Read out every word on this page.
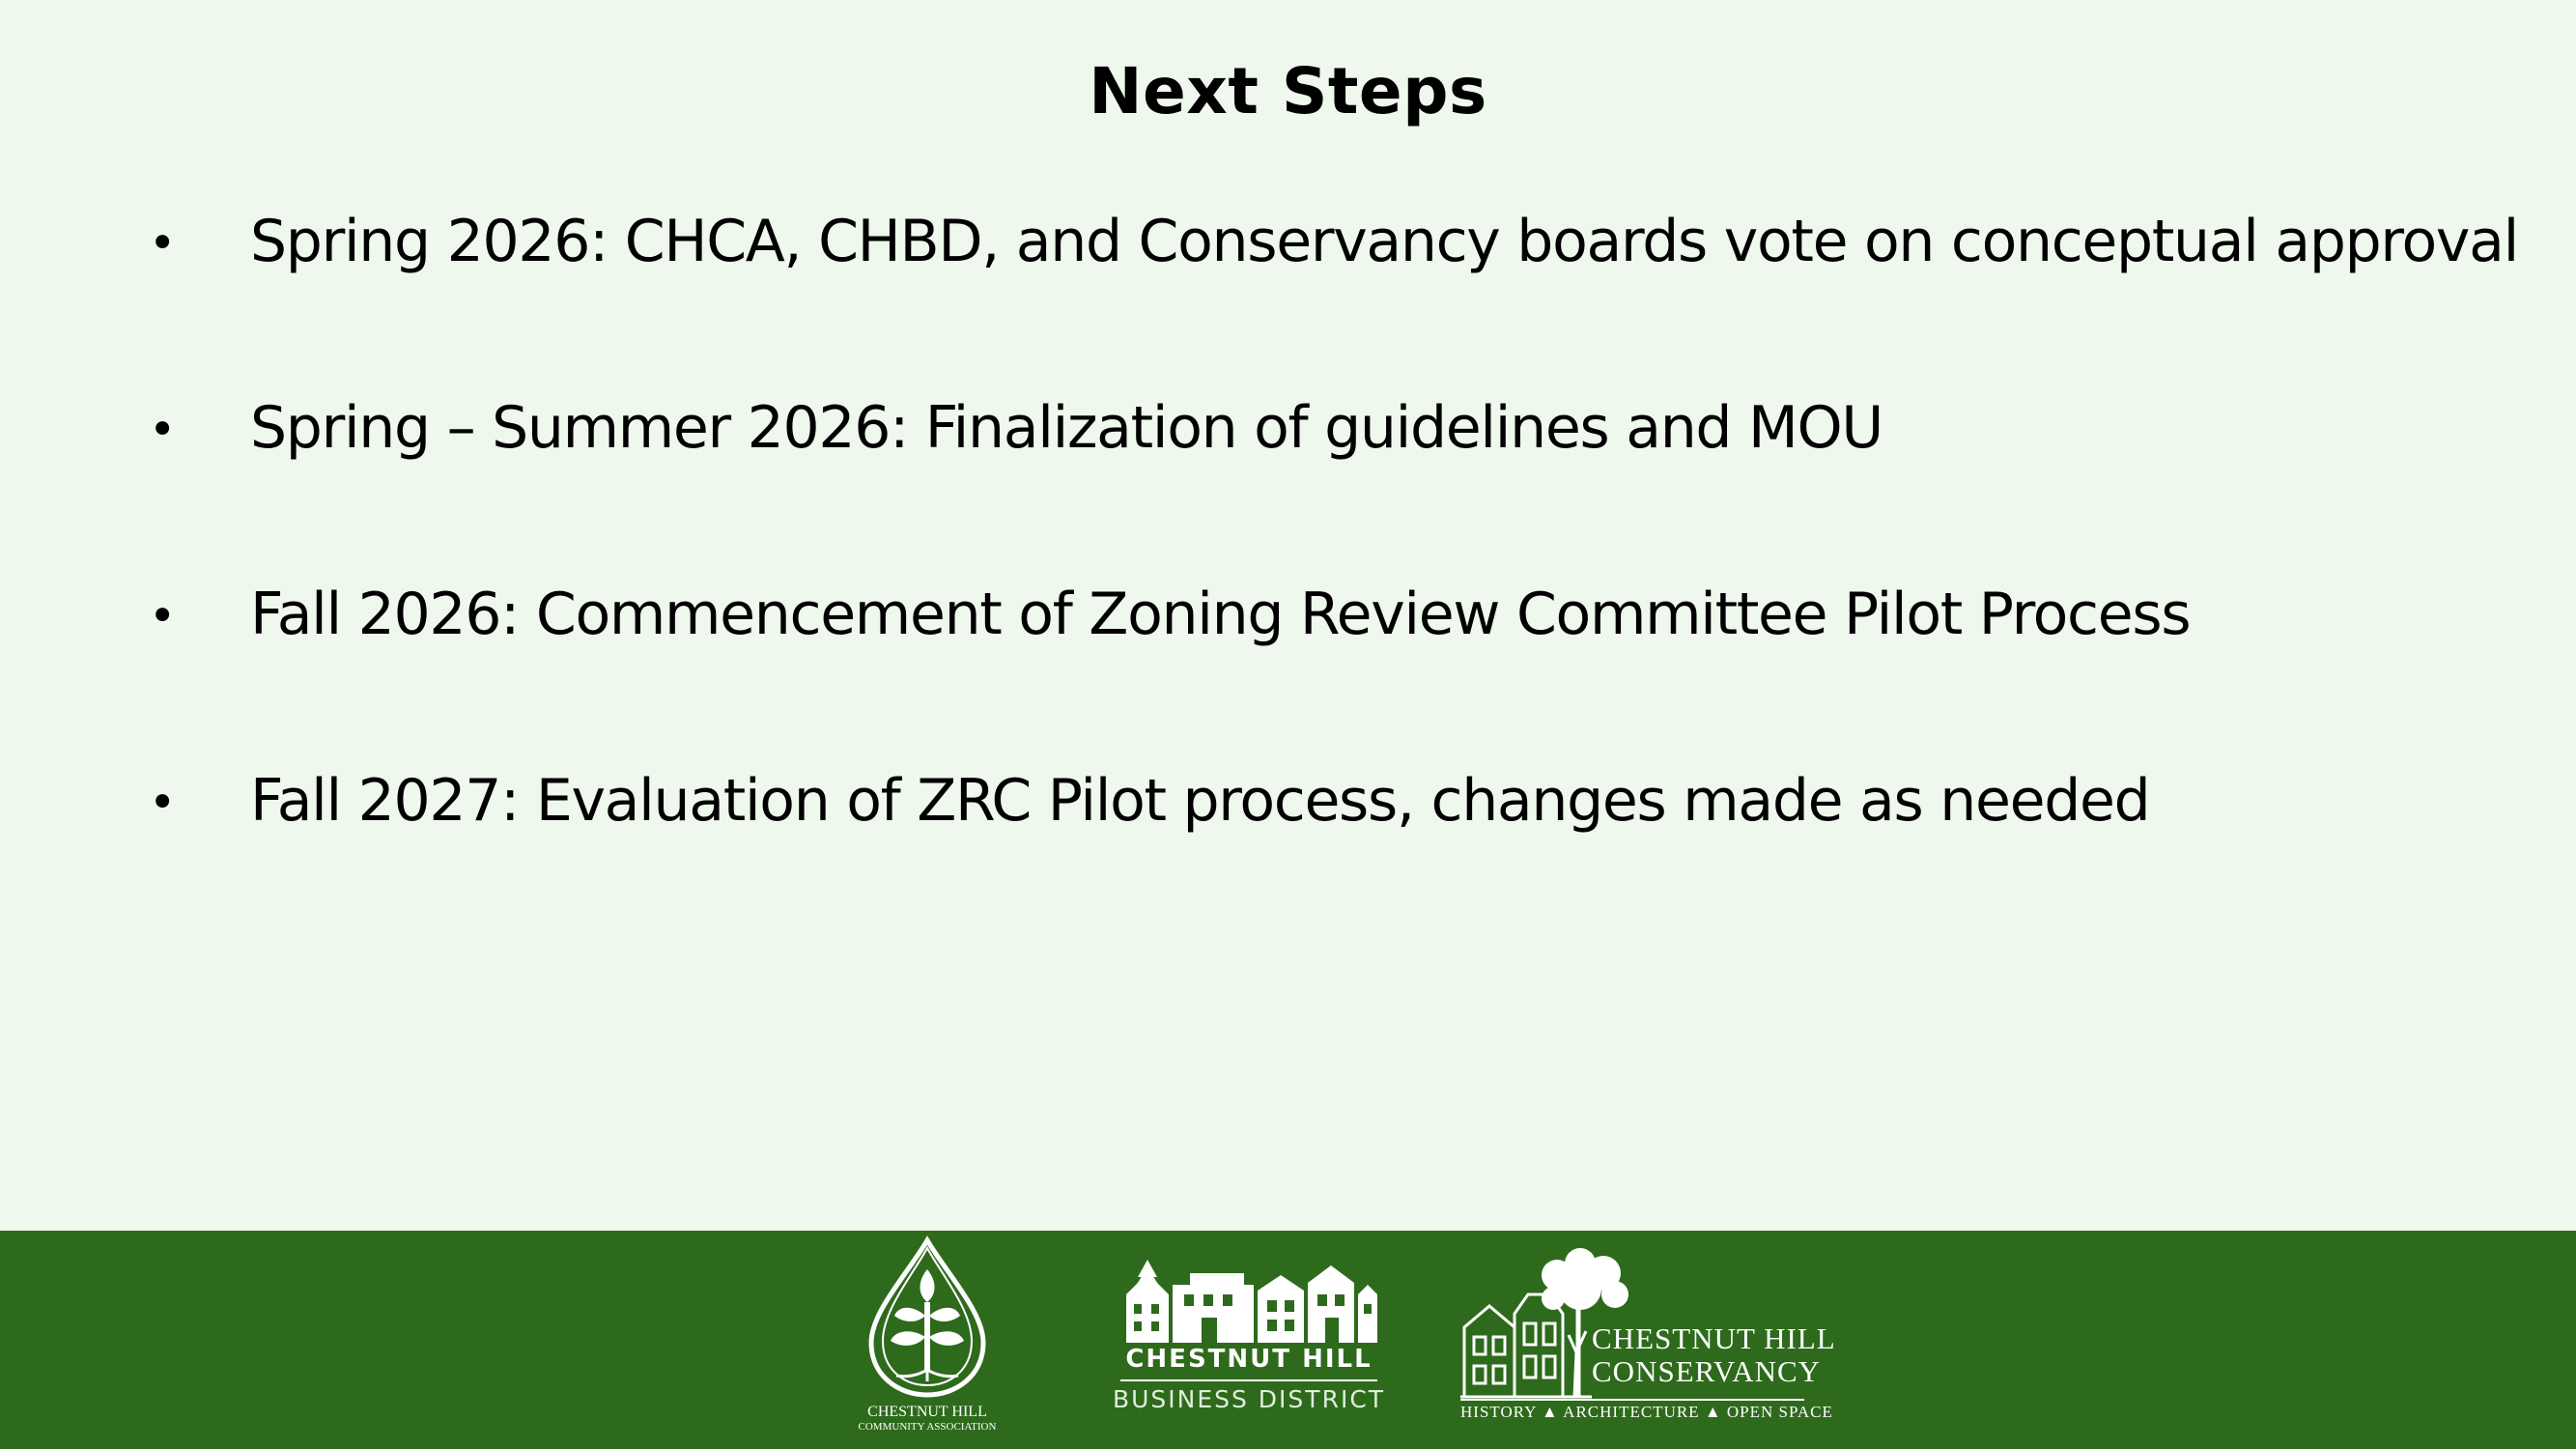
Next Steps
• Spring 2026: CHCA, CHBD, and Conservancy boards vote on conceptual approval
• Spring – Summer 2026: Finalization of guidelines and MOU
• Fall 2026: Commencement of Zoning Review Committee Pilot Process
• Fall 2027: Evaluation of ZRC Pilot process, changes made as needed
CHESTNUT HILL
COMMUNITY ASSOCIATION
CHESTNUT HILL
BUSINESS DISTRICT
CHESTNUT HILL
CONSERVANCY
HISTORY ▲ ARCHITECTURE ▲ OPEN SPACE
